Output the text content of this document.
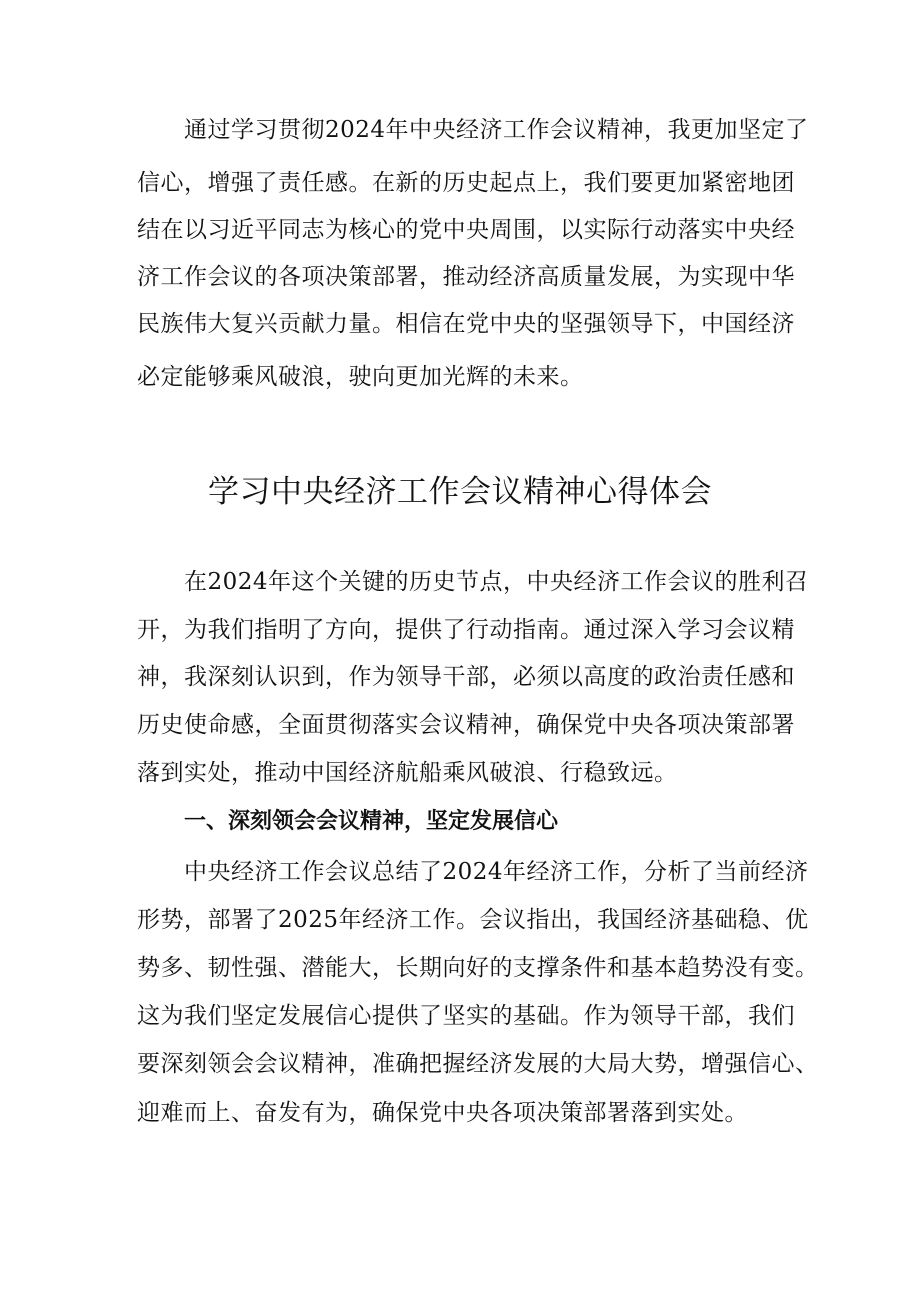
通过学习贯彻2024年中央经济工作会议精神，我更加坚定了
信心，增强了责任感。在新的历史起点上，我们要更加紧密地团
结在以习近平同志为核心的党中央周围，以实际行动落实中央经
济工作会议的各项决策部署，推动经济高质量发展，为实现中华
民族伟大复兴贡献力量。相信在党中央的坚强领导下，中国经济
必定能够乘风破浪，驶向更加光辉的未来。
学习中央经济工作会议精神心得体会
在2024年这个关键的历史节点，中央经济工作会议的胜利召
开，为我们指明了方向，提供了行动指南。通过深入学习会议精
神，我深刻认识到，作为领导干部，必须以高度的政治责任感和
历史使命感，全面贯彻落实会议精神，确保党中央各项决策部署
落到实处，推动中国经济航船乘风破浪、行稳致远。
一、深刻领会会议精神，坚定发展信心
中央经济工作会议总结了2024年经济工作，分析了当前经济
形势，部署了2025年经济工作。会议指出，我国经济基础稳、优
势多、韧性强、潜能大，长期向好的支撑条件和基本趋势没有变。
这为我们坚定发展信心提供了坚实的基础。作为领导干部，我们
要深刻领会会议精神，准确把握经济发展的大局大势，增强信心、
迎难而上、奋发有为，确保党中央各项决策部署落到实处。
